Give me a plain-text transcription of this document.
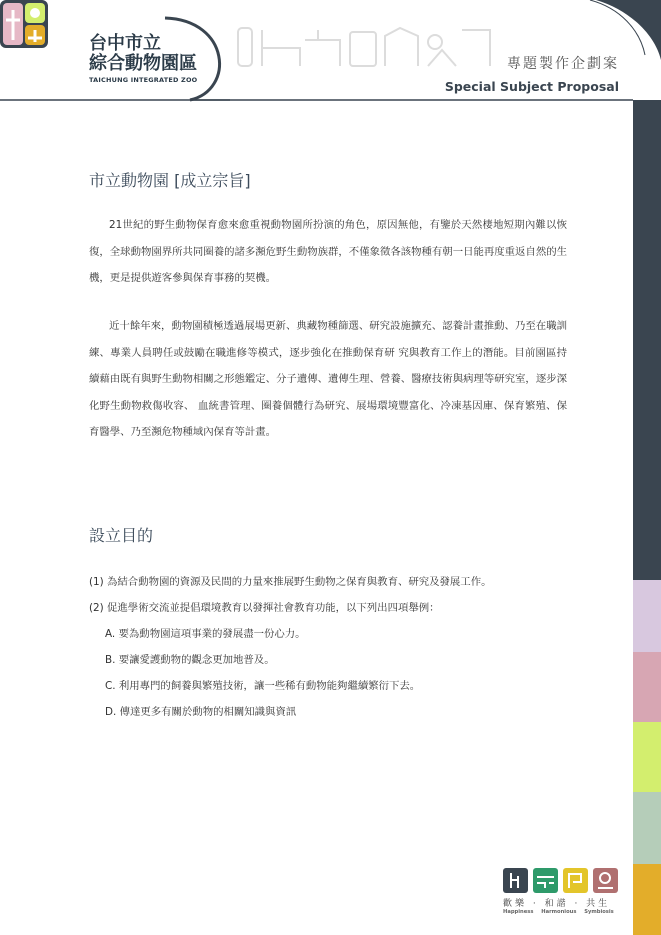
台中市立
綜合動物園區
TAICHUNG INTEGRATED ZOO
專題製作企劃案
Special Subject Proposal
市立動物園 [成立宗旨]
21世紀的野生動物保育愈來愈重視動物園所扮演的角色，原因無他，有鑒於天然棲地短期內難以恢復，全球動物園界所共同圈養的諸多瀕危野生動物族群，不僅象徵各該物種有朝一日能再度重返自然的生機，更是提供遊客參與保育事務的契機。
近十餘年來，動物園積極透過展場更新、典藏物種篩選、研究設施擴充、認養計畫推動、乃至在職訓練、專業人員聘任或鼓勵在職進修等模式，逐步強化在推動保育研 究與教育工作上的潛能。目前園區持續藉由既有與野生動物相關之形態鑑定、分子遺傳、遺傳生理、營養、醫療技術與病理等研究室，逐步深化野生動物救傷收容、 血統書管理、圈養個體行為研究、展場環境豐富化、冷凍基因庫、保育繁殖、保育醫學、乃至瀕危物種域內保育等計畫。
設立目的
(1) 為結合動物園的資源及民間的力量來推展野生動物之保育與教育、研究及發展工作。
(2) 促進學術交流並提倡環境教育以發揮社會教育功能，以下列出四項舉例：
A. 要為動物園這項事業的發展盡一份心力。
B. 要讓愛護動物的觀念更加地普及。
C. 利用專門的飼養與繁殖技術，讓一些稀有動物能夠繼續繁衍下去。
D. 傳達更多有關於動物的相關知識與資訊
歡樂 · 和諧 · 共生
Happiness Harmonious Symbiosis
